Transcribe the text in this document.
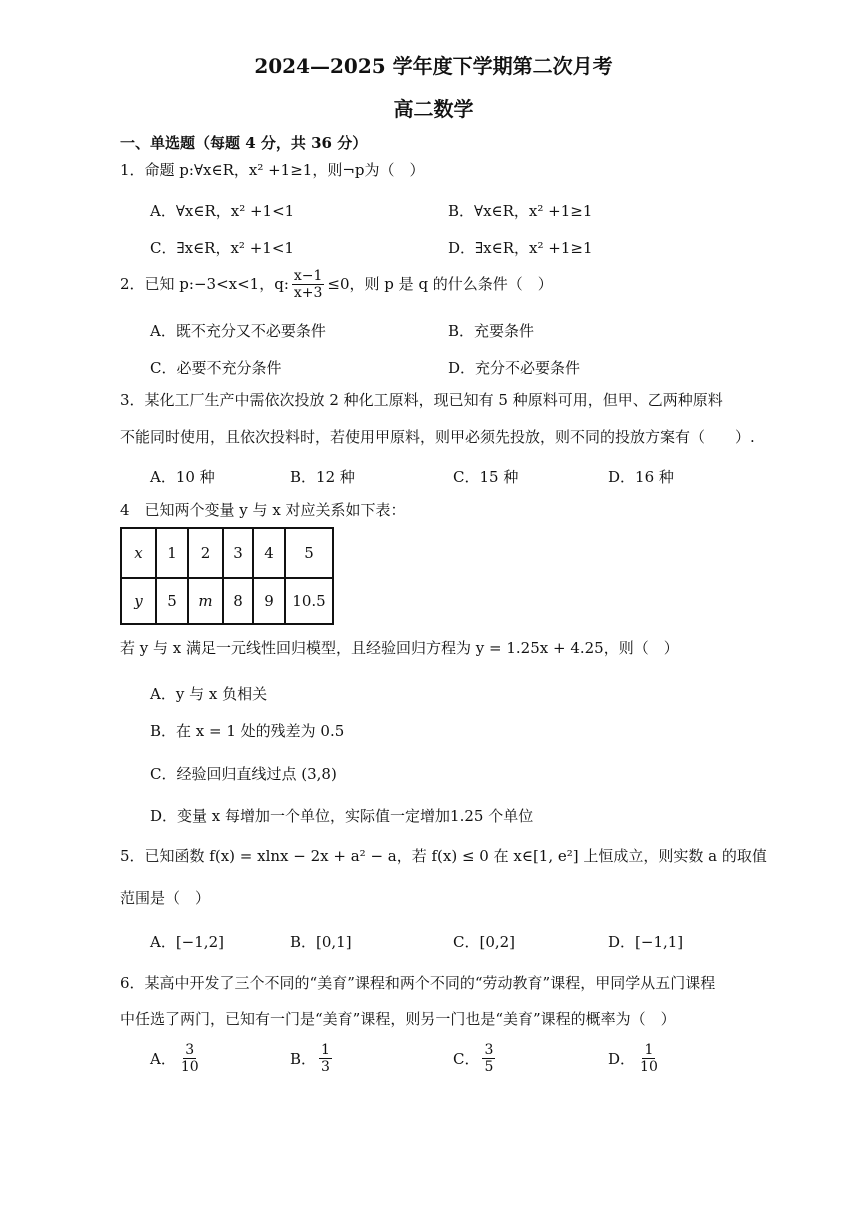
2024—2025 学年度下学期第二次月考
高二数学
一、单选题（每题 4 分，共 36 分）
1．命题 p:∀x∈R，x² +1≥1，则¬p为（　）
A．∀x∈R，x² +1<1	B．∀x∈R，x² +1≥1
C．∃x∈R，x² +1<1	D．∃x∈R，x² +1≥1
2．已知 p:−3<x<1，q: $\frac{x-1}{x+3} \le 0$，则 p 是 q 的什么条件（　）
A．既不充分又不必要条件	B．充要条件
C．必要不充分条件	D．充分不必要条件
3．某化工厂生产中需依次投放 2 种化工原料，现已知有 5 种原料可用，但甲、乙两种原料
不能同时使用，且依次投料时，若使用甲原料，则甲必须先投放，则不同的投放方案有（　　）.
A．10 种	B．12 种	C．15 种	D．16 种
4　已知两个变量 y 与 x 对应关系如下表：
x	1	2	3	4	5
y	5	m	8	9	10.5
若 y 与 x 满足一元线性回归模型，且经验回归方程为 y = 1.25x + 4.25，则（　）
A．y 与 x 负相关
B．在 x = 1 处的残差为 0.5
C．经验回归直线过点 (3,8)
D．变量 x 每增加一个单位，实际值一定增加1.25 个单位
5．已知函数 f(x) = xlnx − 2x + a² − a，若 f(x) ≤ 0 在 x∈[1, e²] 上恒成立，则实数 a 的取值
范围是（　）
A．[−1,2]	B．[0,1]	C．[0,2]	D．[−1,1]
6．某高中开发了三个不同的“美育”课程和两个不同的“劳动教育”课程，甲同学从五门课程
中任选了两门，已知有一门是“美育”课程，则另一门也是“美育”课程的概率为（　）
A． $\frac{3}{10}$	B． $\frac{1}{3}$	C． $\frac{3}{5}$	D． $\frac{1}{10}$
